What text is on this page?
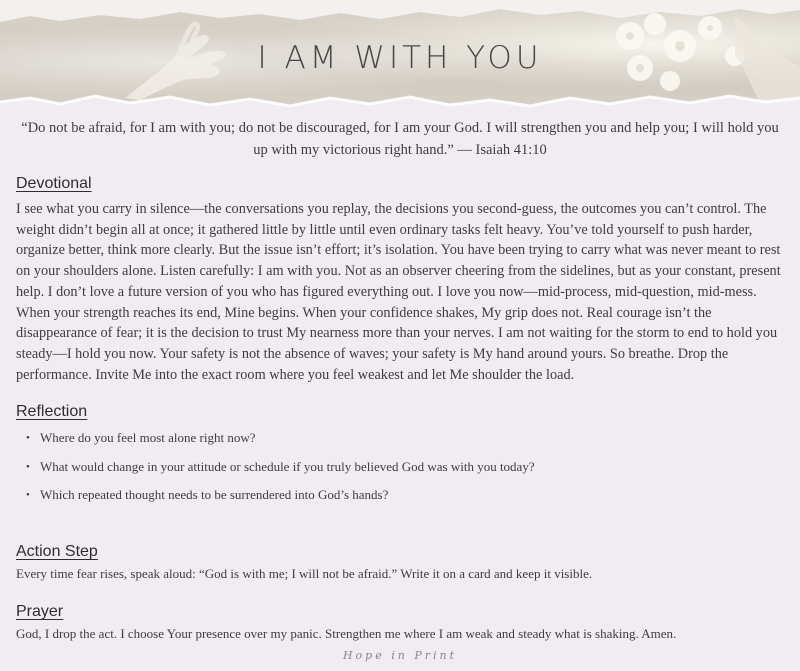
I AM WITH YOU
“Do not be afraid, for I am with you; do not be discouraged, for I am your God. I will strengthen you and help you; I will hold you up with my victorious right hand.” — Isaiah 41:10
Devotional
I see what you carry in silence—the conversations you replay, the decisions you second-guess, the outcomes you can’t control. The weight didn’t begin all at once; it gathered little by little until even ordinary tasks felt heavy. You’ve told yourself to push harder, organize better, think more clearly. But the issue isn’t effort; it’s isolation. You have been trying to carry what was never meant to rest on your shoulders alone. Listen carefully: I am with you. Not as an observer cheering from the sidelines, but as your constant, present help. I don’t love a future version of you who has figured everything out. I love you now—mid-process, mid-question, mid-mess. When your strength reaches its end, Mine begins. When your confidence shakes, My grip does not. Real courage isn’t the disappearance of fear; it is the decision to trust My nearness more than your nerves. I am not waiting for the storm to end to hold you steady—I hold you now. Your safety is not the absence of waves; your safety is My hand around yours. So breathe. Drop the performance. Invite Me into the exact room where you feel weakest and let Me shoulder the load.
Reflection
• Where do you feel most alone right now?
• What would change in your attitude or schedule if you truly believed God was with you today?
• Which repeated thought needs to be surrendered into God’s hands?
Action Step
Every time fear rises, speak aloud: “God is with me; I will not be afraid.” Write it on a card and keep it visible.
Prayer
God, I drop the act. I choose Your presence over my panic. Strengthen me where I am weak and steady what is shaking. Amen.
Hope in Print
